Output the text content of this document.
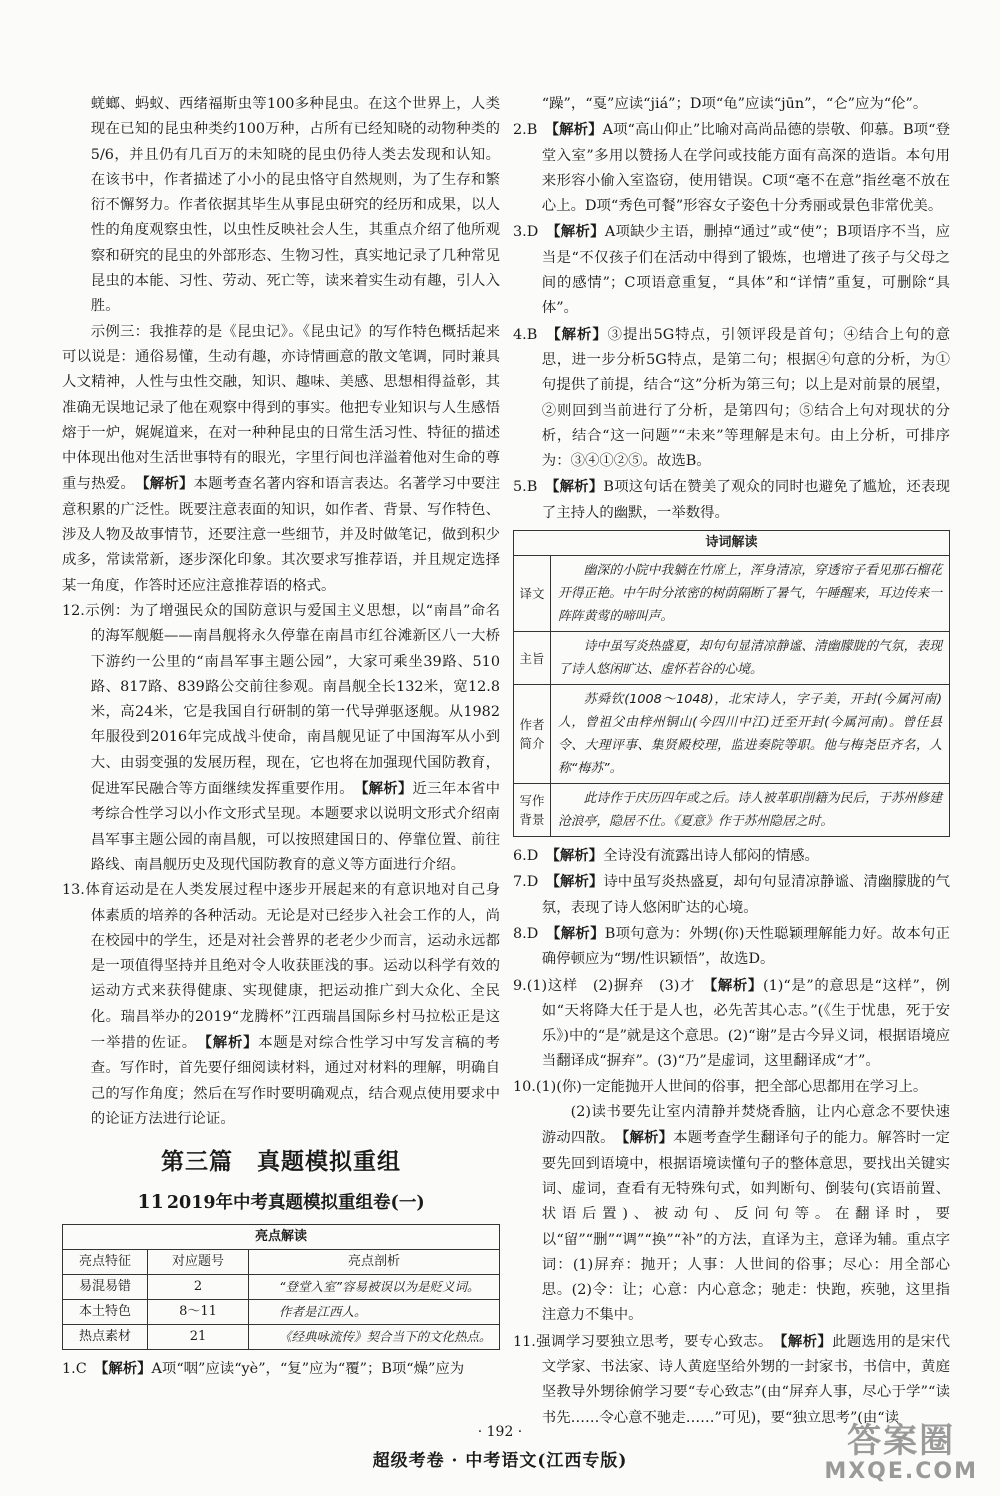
蜣螂、蚂蚁、西绪福斯虫等100多种昆虫。在这个世界上，人类现在已知的昆虫种类约100万种，占所有已经知晓的动物种类的5/6，并且仍有几百万的未知晓的昆虫仍待人类去发现和认知。在该书中，作者描述了小小的昆虫恪守自然规则，为了生存和繁衍不懈努力。作者依据其毕生从事昆虫研究的经历和成果，以人性的角度观察虫性，以虫性反映社会人生，其重点介绍了他所观察和研究的昆虫的外部形态、生物习性，真实地记录了几种常见昆虫的本能、习性、劳动、死亡等，读来着实生动有趣，引人入胜。

示例三：我推荐的是《昆虫记》。《昆虫记》的写作特色概括起来可以说是：通俗易懂，生动有趣，亦诗情画意的散文笔调，同时兼具人文精神，人性与虫性交融，知识、趣味、美感、思想相得益彰，其准确无误地记录了他在观察中得到的事实。他把专业知识与人生感悟熔于一炉，娓娓道来，在对一种种昆虫的日常生活习性、特征的描述中体现出他对生活世事特有的眼光，字里行间也洋溢着他对生命的尊重与热爱。　 【解析】本题考查名著内容和语言表达。名著学习中要注意积累的广泛性。既要注意表面的知识，如作者、背景、写作特色、涉及人物及故事情节，还要注意一些细节，并及时做笔记，做到积少成多，常读常新，逐步深化印象。其次要求写推荐语，并且规定选择某一角度，作答时还应注意推荐语的格式。

12.示例：为了增强民众的国防意识与爱国主义思想，以“南昌”命名的海军舰艇——南昌舰将永久停靠在南昌市红谷滩新区八一大桥下游约一公里的“南昌军事主题公园”，大家可乘坐39路、510路、817路、839路公交前往参观。南昌舰全长132米，宽12.8米，高24米，它是我国自行研制的第一代导弹驱逐舰。从1982年服役到2016年完成战斗使命，南昌舰见证了中国海军从小到大、由弱变强的发展历程，现在，它也将在加强现代国防教育，促进军民融合等方面继续发挥重要作用。　 【解析】近三年本省中考综合性学习以小作文形式呈现。本题要求以说明文形式介绍南昌军事主题公园的南昌舰，可以按照建国日的、停靠位置、前往路线、南昌舰历史及现代国防教育的意义等方面进行介绍。

13.体育运动是在人类发展过程中逐步开展起来的有意识地对自己身体素质的培养的各种活动。无论是对已经步入社会工作的人，尚在校园中的学生，还是对社会普界的老老少少而言，运动永远都是一项值得坚持并且绝对令人收获匪浅的事。运动以科学有效的运动方式来获得健康、实现健康，把运动推广到大众化、全民化。瑞昌举办的2019“龙腾杯”江西瑞昌国际乡村马拉松正是这一举措的佐证。　 【解析】本题是对综合性学习中写发言稿的考查。写作时，首先要仔细阅读材料，通过对材料的理解，明确自己的写作角度；然后在写作时要明确观点，结合观点使用要求中的论证方法进行论证。

第三篇　真题模拟重组
11 2019年中考真题模拟重组卷(一)
亮点解读		
亮点特征	对应题号	亮点剖析
易混易错	2	“登堂入室”容易被误以为是贬义词。
本土特色	8～11	作者是江西人。
热点素材	21	《经典咏流传》契合当下的文化热点。

1.C　 【解析】A项“咽”应读“yè”，“复”应为“覆”；B项“燥”应为

“躁”，“戛”应读“jiá”；D项“龟”应读“jūn”，“仑”应为“伦”。

2.B　 【解析】A项“高山仰止”比喻对高尚品德的崇敬、仰慕。B项“登堂入室”多用以赞扬人在学问或技能方面有高深的造诣。本句用来形容小偷入室盗窃，使用错误。C项“毫不在意”指丝毫不放在心上。D项“秀色可餐”形容女子姿色十分秀丽或景色非常优美。

3.D　 【解析】A项缺少主语，删掉“通过”或“使”；B项语序不当，应当是“不仅孩子们在活动中得到了锻炼，也增进了孩子与父母之间的感情”；C项语意重复，“具体”和“详情”重复，可删除“具体”。

4.B　 【解析】③提出5G特点，引领评段是首句；④结合上句的意思，进一步分析5G特点，是第二句；根据④句意的分析，为①句提供了前提，结合“这”分析为第三句；以上是对前景的展望，②则回到当前进行了分析，是第四句；⑤结合上句对现状的分析，结合“这一问题”“未来”等理解是末句。由上分析，可排序为：③④①②⑤。故选B。

5.B　 【解析】B项这句话在赞美了观众的同时也避免了尴尬，还表现了主持人的幽默，一举数得。

诗词解读	
译文	幽深的小院中我躺在竹席上，浑身清凉，穿透帘子看见那石榴花开得正艳。中午时分浓密的树荫隔断了暑气，午睡醒来，耳边传来一阵阵黄莺的啼叫声。
主旨	诗中虽写炎热盛夏，却句句显清凉静谧、清幽朦胧的气氛，表现了诗人悠闲旷达、虚怀若谷的心境。
作者简介	苏舜钦(1008～1048)，北宋诗人，字子美，开封(今属河南)人，曾祖父由梓州铜山(今四川中江)迁至开封(今属河南)。曾任县令、大理评事、集贤殿校理，监进奏院等职。他与梅尧臣齐名，人称“梅苏”。
写作背景	此诗作于庆历四年或之后。诗人被革职削籍为民后，于苏州修建沧浪亭，隐居不仕。《夏意》作于苏州隐居之时。

6.D　 【解析】全诗没有流露出诗人郁闷的情感。

7.D　 【解析】诗中虽写炎热盛夏，却句句显清凉静谧、清幽朦胧的气氛，表现了诗人悠闲旷达的心境。

8.D　 【解析】B项句意为：外甥(你)天性聪颖理解能力好。故本句正确停顿应为“甥/性识颖悟”，故选D。

9.(1)这样　(2)摒弃　(3)才　 【解析】(1)“是”的意思是“这样”，例如“天将降大任于是人也，必先苦其心志。”(《生于忧患，死于安乐》)中的“是”就是这个意思。(2)“谢”是古今异义词，根据语境应当翻译成“摒弃”。(3)“乃”是虚词，这里翻译成“才”。

10.(1)(你)一定能抛开人世间的俗事，把全部心思都用在学习上。

(2)读书要先让室内清静并焚烧香脑，让内心意念不要快速游动四散。　 【解析】本题考查学生翻译句子的能力。解答时一定要先回到语境中，根据语境读懂句子的整体意思，要找出关键实词、虚词，查看有无特殊句式，如判断句、倒装句(宾语前置、状语后置)、被动句、反问句等。在翻译时，要以“留”“删”“调”“换”“补”的方法，直译为主，意译为辅。重点字词：(1)屏弃：抛开；人事：人世间的俗事；尽心：用全部心思。(2)令：让；心意：内心意念；驰走：快跑，疾驰，这里指注意力不集中。

11.强调学习要独立思考，要专心致志。　 【解析】此题选用的是宋代文学家、书法家、诗人黄庭坚给外甥的一封家书，书信中，黄庭坚教导外甥徐俯学习要“专心致志”(由“屏弃人事，尽心于学”“读书先……令心意不驰走……”可见)，要“独立思考”(由“读

· 192 ·
超级考卷 · 中考语文(江西专版)	答案圈
MXQE.COM
